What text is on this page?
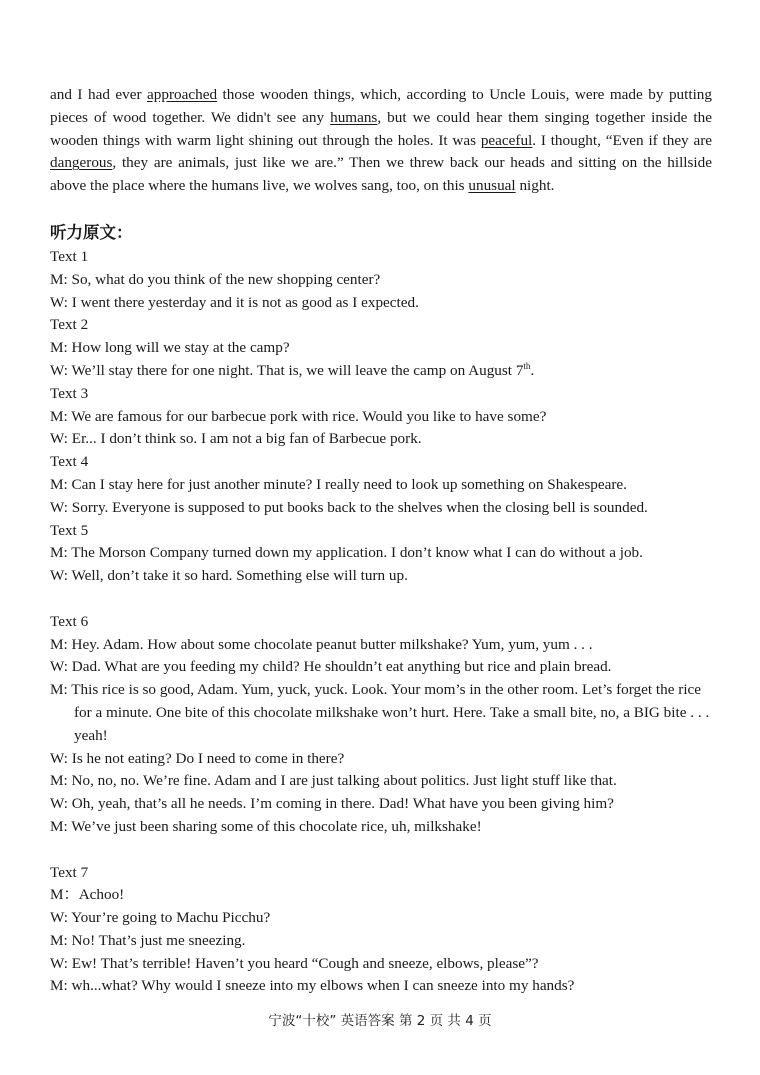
and I had ever approached those wooden things, which, according to Uncle Louis, were made by putting pieces of wood together. We didn't see any humans, but we could hear them singing together inside the wooden things with warm light shining out through the holes. It was peaceful. I thought, “Even if they are dangerous, they are animals, just like we are.” Then we threw back our heads and sitting on the hillside above the place where the humans live, we wolves sang, too, on this unusual night.

听力原文：
Text 1
M: So, what do you think of the new shopping center?
W: I went there yesterday and it is not as good as I expected.
Text 2
M: How long will we stay at the camp?
W: We’ll stay there for one night. That is, we will leave the camp on August 7th.
Text 3
M: We are famous for our barbecue pork with rice. Would you like to have some?
W: Er... I don’t think so. I am not a big fan of Barbecue pork.
Text 4
M: Can I stay here for just another minute? I really need to look up something on Shakespeare.
W: Sorry. Everyone is supposed to put books back to the shelves when the closing bell is sounded.
Text 5
M: The Morson Company turned down my application. I don’t know what I can do without a job.
W: Well, don’t take it so hard. Something else will turn up.
Text 6
M: Hey. Adam. How about some chocolate peanut butter milkshake? Yum, yum, yum . . .
W: Dad. What are you feeding my child? He shouldn’t eat anything but rice and plain bread.
M: This rice is so good, Adam. Yum, yuck, yuck. Look. Your mom’s in the other room. Let’s forget the rice for a minute. One bite of this chocolate milkshake won’t hurt. Here. Take a small bite, no, a BIG bite . . . yeah!
W: Is he not eating? Do I need to come in there?
M: No, no, no. We’re fine. Adam and I are just talking about politics. Just light stuff like that.
W: Oh, yeah, that’s all he needs. I’m coming in there. Dad! What have you been giving him?
M: We’ve just been sharing some of this chocolate rice, uh, milkshake!
Text 7
M：Achoo!
W: Your’re going to Machu Picchu?
M: No! That’s just me sneezing.
W: Ew! That’s terrible! Haven’t you heard “Cough and sneeze, elbows, please”?
M: wh...what? Why would I sneeze into my elbows when I can sneeze into my hands?
宁波“十校” 英语答案 第 2 页 共 4 页
